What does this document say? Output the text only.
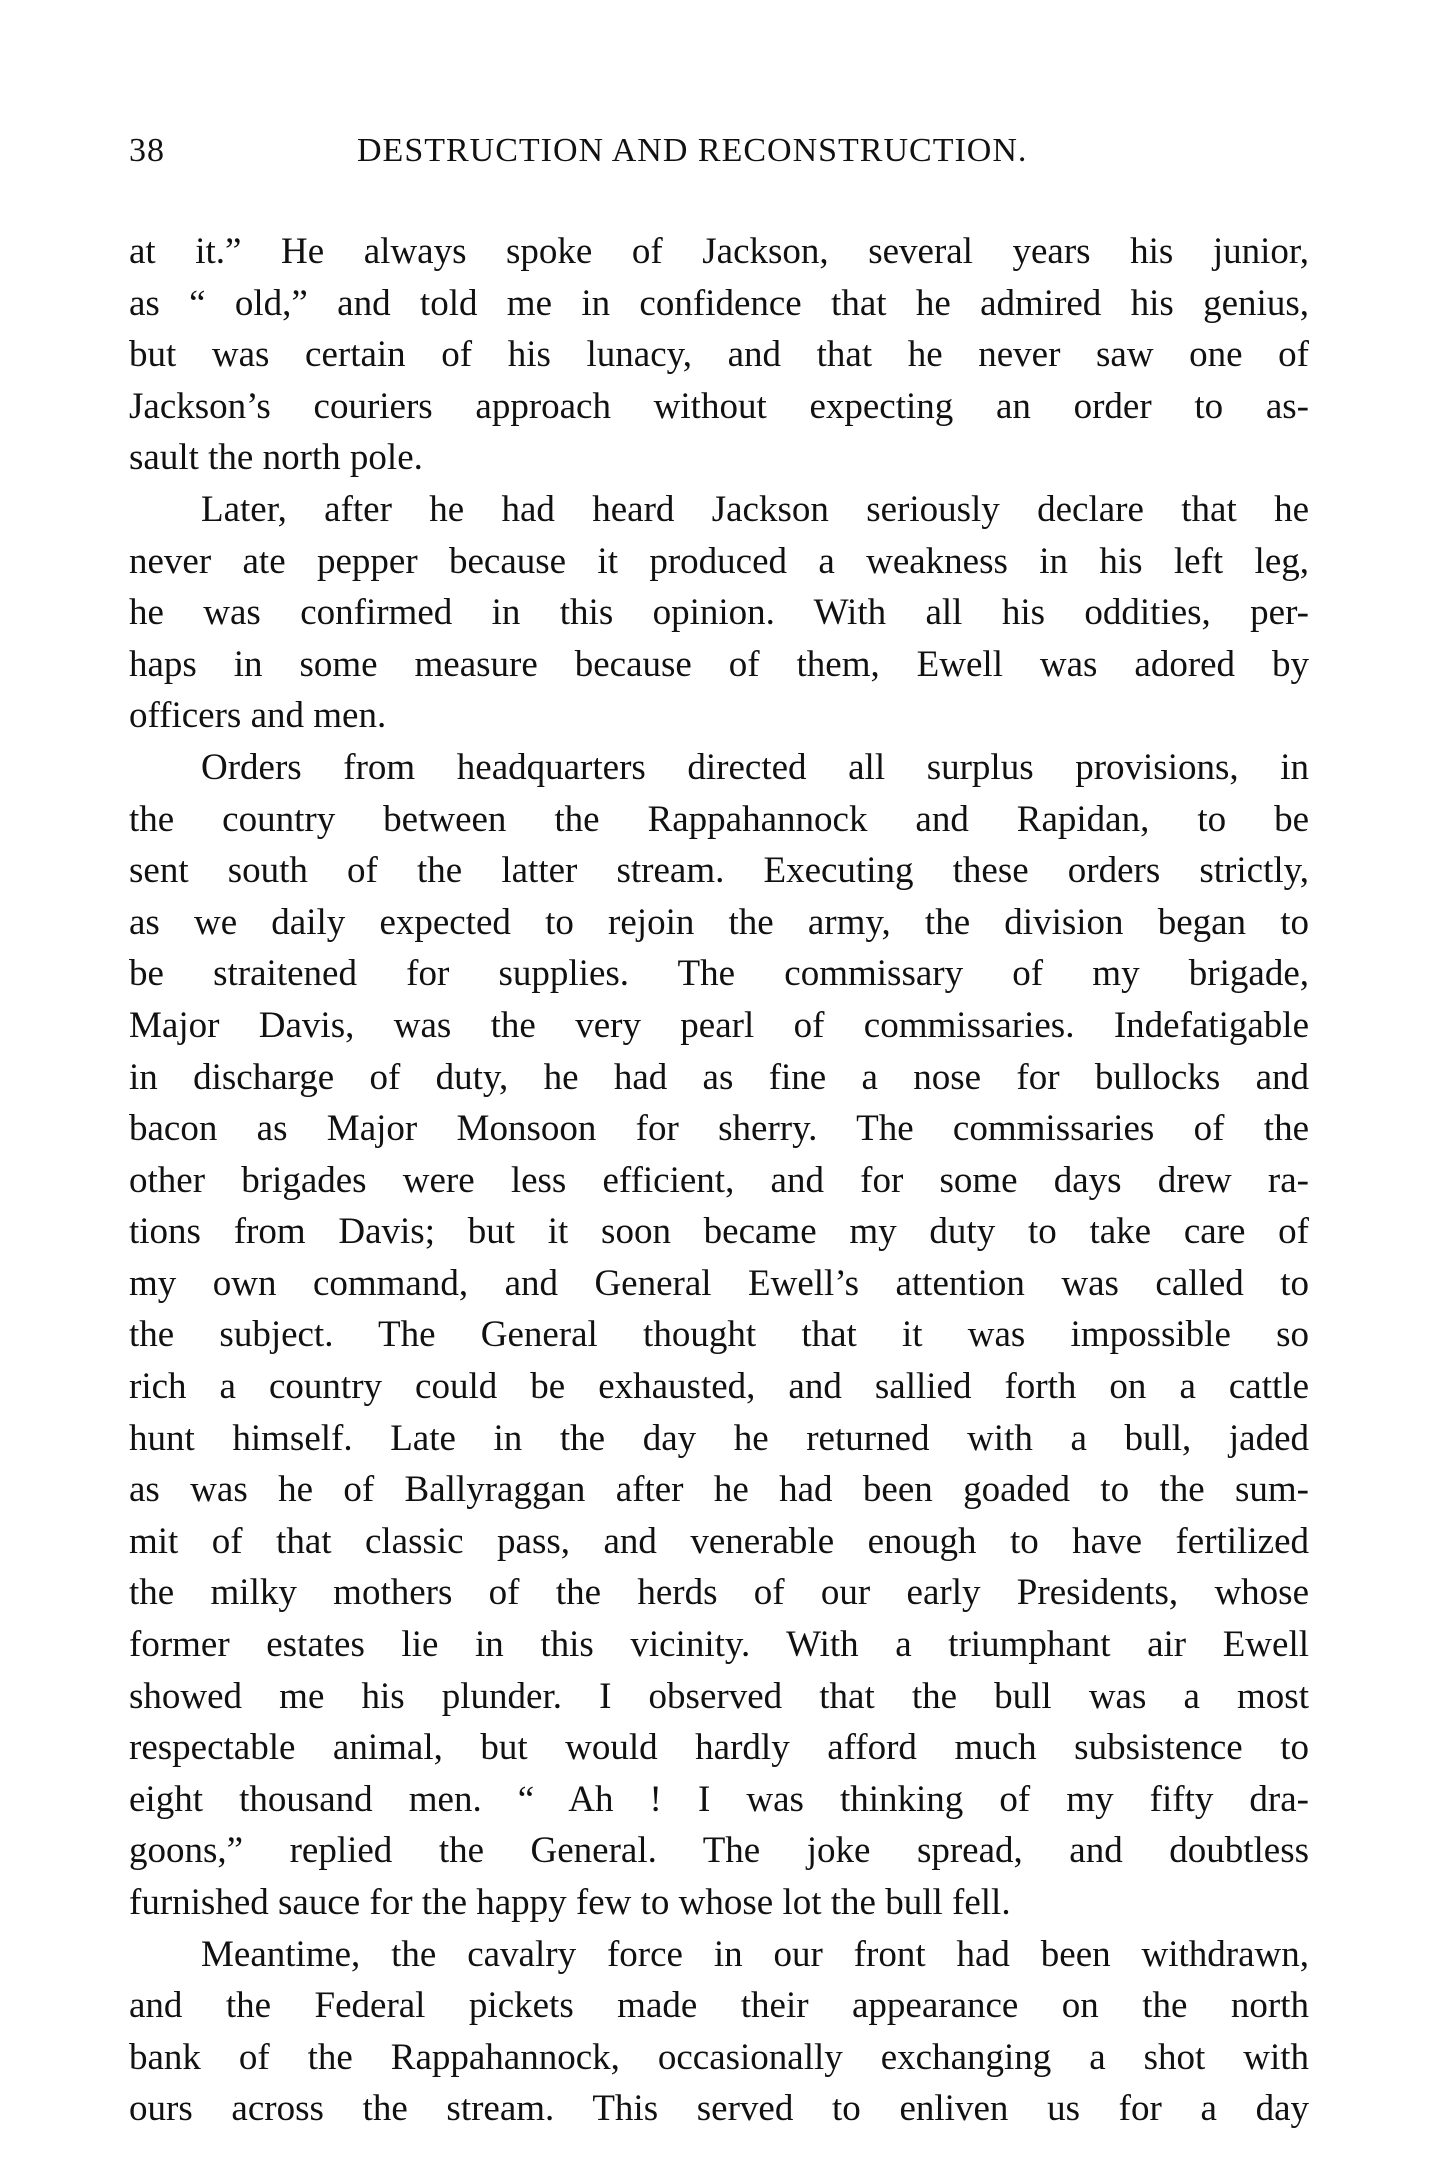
38	DESTRUCTION AND RECONSTRUCTION.
at it.” He always spoke of Jackson, several years his junior,
as “ old,” and told me in confidence that he admired his genius,
but was certain of his lunacy, and that he never saw one of
Jackson’s couriers approach without expecting an order to as-
sault the north pole.
Later, after he had heard Jackson seriously declare that he
never ate pepper because it produced a weakness in his left leg,
he was confirmed in this opinion. With all his oddities, per-
haps in some measure because of them, Ewell was adored by
officers and men.
Orders from headquarters directed all surplus provisions, in
the country between the Rappahannock and Rapidan, to be
sent south of the latter stream. Executing these orders strictly,
as we daily expected to rejoin the army, the division began to
be straitened for supplies. The commissary of my brigade,
Major Davis, was the very pearl of commissaries. Indefatigable
in discharge of duty, he had as fine a nose for bullocks and
bacon as Major Monsoon for sherry. The commissaries of the
other brigades were less efficient, and for some days drew ra-
tions from Davis; but it soon became my duty to take care of
my own command, and General Ewell’s attention was called to
the subject. The General thought that it was impossible so
rich a country could be exhausted, and sallied forth on a cattle
hunt himself. Late in the day he returned with a bull, jaded
as was he of Ballyraggan after he had been goaded to the sum-
mit of that classic pass, and venerable enough to have fertilized
the milky mothers of the herds of our early Presidents, whose
former estates lie in this vicinity. With a triumphant air Ewell
showed me his plunder. I observed that the bull was a most
respectable animal, but would hardly afford much subsistence to
eight thousand men. “ Ah ! I was thinking of my fifty dra-
goons,” replied the General. The joke spread, and doubtless
furnished sauce for the happy few to whose lot the bull fell.
Meantime, the cavalry force in our front had been withdrawn,
and the Federal pickets made their appearance on the north
bank of the Rappahannock, occasionally exchanging a shot with
ours across the stream. This served to enliven us for a day
